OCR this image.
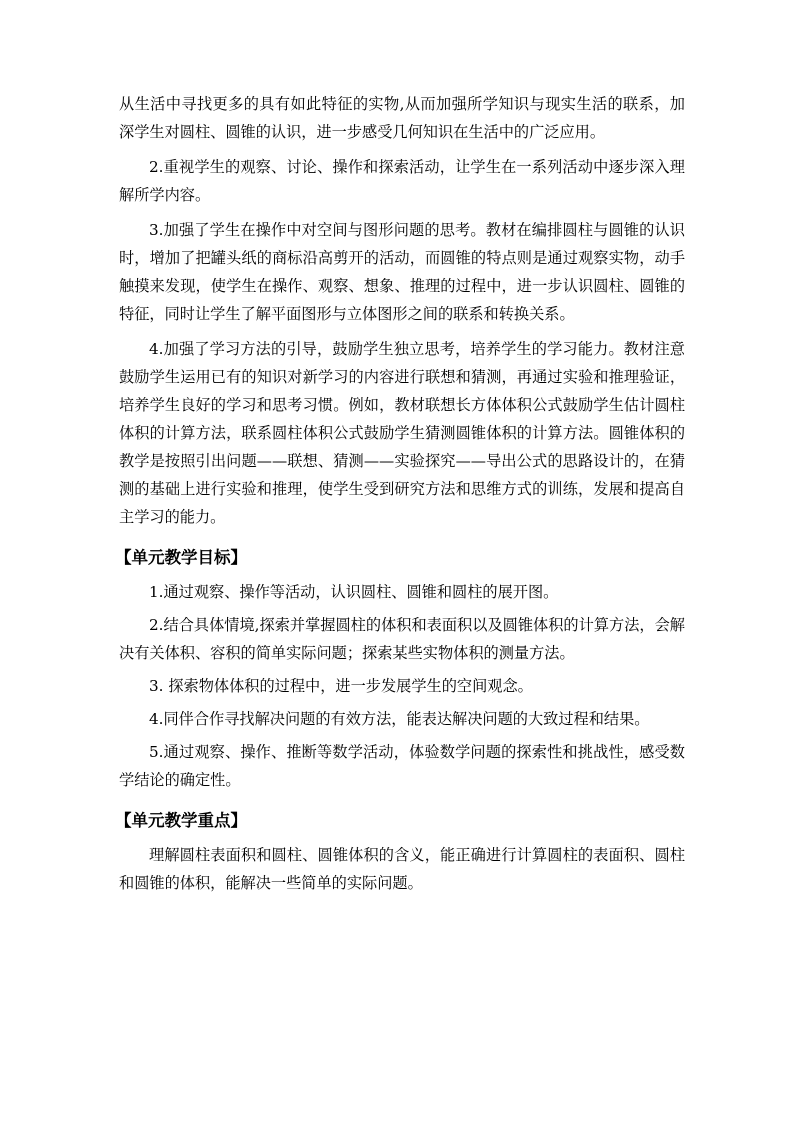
从生活中寻找更多的具有如此特征的实物,从而加强所学知识与现实生活的联系，加深学生对圆柱、圆锥的认识，进一步感受几何知识在生活中的广泛应用。

2.重视学生的观察、讨论、操作和探索活动，让学生在一系列活动中逐步深入理解所学内容。

3.加强了学生在操作中对空间与图形问题的思考。教材在编排圆柱与圆锥的认识时，增加了把罐头纸的商标沿高剪开的活动，而圆锥的特点则是通过观察实物，动手触摸来发现，使学生在操作、观察、想象、推理的过程中，进一步认识圆柱、圆锥的特征，同时让学生了解平面图形与立体图形之间的联系和转换关系。

4.加强了学习方法的引导，鼓励学生独立思考，培养学生的学习能力。教材注意鼓励学生运用已有的知识对新学习的内容进行联想和猜测，再通过实验和推理验证，培养学生良好的学习和思考习惯。例如，教材联想长方体体积公式鼓励学生估计圆柱体积的计算方法，联系圆柱体积公式鼓励学生猜测圆锥体积的计算方法。圆锥体积的教学是按照引出问题——联想、猜测——实验探究——导出公式的思路设计的，在猜测的基础上进行实验和推理，使学生受到研究方法和思维方式的训练，发展和提高自主学习的能力。

【单元教学目标】

1.通过观察、操作等活动，认识圆柱、圆锥和圆柱的展开图。

2.结合具体情境,探索并掌握圆柱的体积和表面积以及圆锥体积的计算方法，会解决有关体积、容积的简单实际问题；探索某些实物体积的测量方法。

3. 探索物体体积的过程中，进一步发展学生的空间观念。

4.同伴合作寻找解决问题的有效方法，能表达解决问题的大致过程和结果。

5.通过观察、操作、推断等数学活动，体验数学问题的探索性和挑战性，感受数学结论的确定性。

【单元教学重点】

理解圆柱表面积和圆柱、圆锥体积的含义，能正确进行计算圆柱的表面积、圆柱和圆锥的体积，能解决一些简单的实际问题。
